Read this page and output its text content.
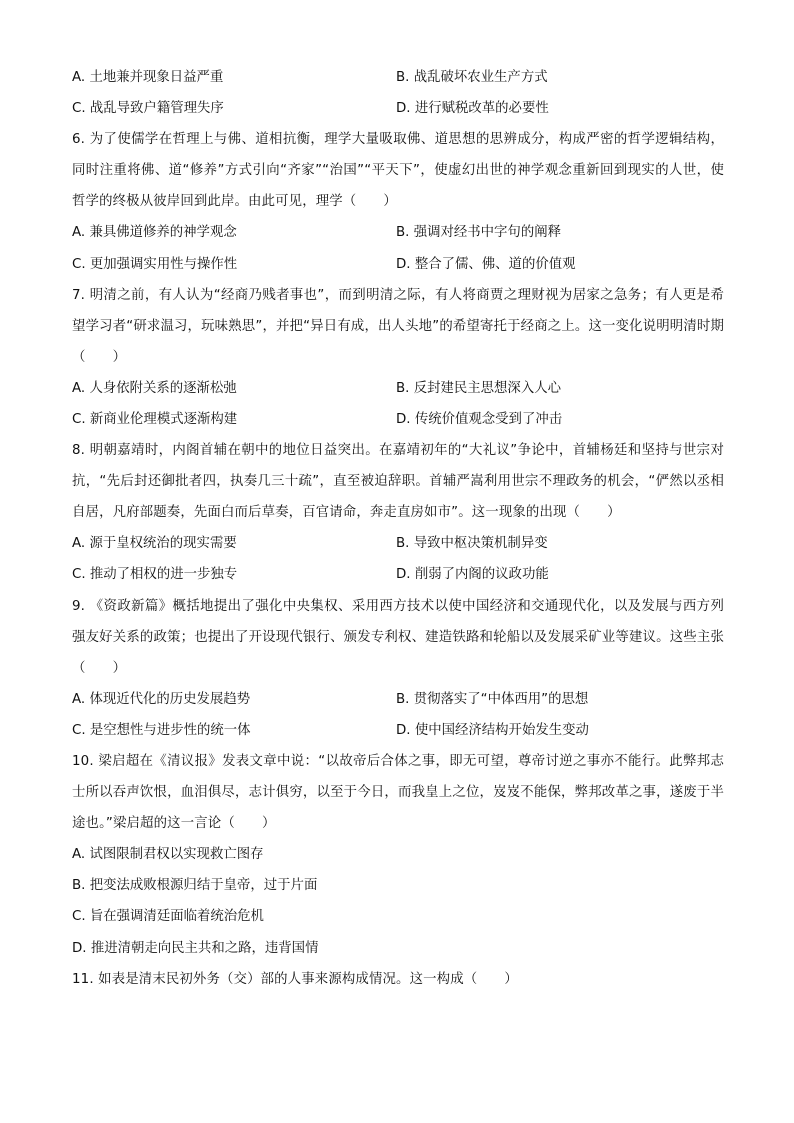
A. 土地兼并现象日益严重	B. 战乱破坏农业生产方式
C. 战乱导致户籍管理失序	D. 进行赋税改革的必要性
6. 为了使儒学在哲理上与佛、道相抗衡，理学大量吸取佛、道思想的思辨成分，构成严密的哲学逻辑结构，同时注重将佛、道“修养”方式引向“齐家”“治国”“平天下”，使虚幻出世的神学观念重新回到现实的人世，使哲学的终极从彼岸回到此岸。由此可见，理学（　　）
A. 兼具佛道修养的神学观念	B. 强调对经书中字句的阐释
C. 更加强调实用性与操作性	D. 整合了儒、佛、道的价值观
7. 明清之前，有人认为“经商乃贱者事也”，而到明清之际，有人将商贾之理财视为居家之急务；有人更是希望学习者“研求温习，玩味熟思”，并把“异日有成，出人头地”的希望寄托于经商之上。这一变化说明明清时期（　　）
A. 人身依附关系的逐渐松弛	B. 反封建民主思想深入人心
C. 新商业伦理模式逐渐构建	D. 传统价值观念受到了冲击
8. 明朝嘉靖时，内阁首辅在朝中的地位日益突出。在嘉靖初年的“大礼议”争论中，首辅杨廷和坚持与世宗对抗，“先后封还御批者四，执奏几三十疏”，直至被迫辞职。首辅严嵩利用世宗不理政务的机会，“俨然以丞相自居，凡府部题奏，先面白而后草奏，百官请命，奔走直房如市”。这一现象的出现（　　）
A. 源于皇权统治的现实需要	B. 导致中枢决策机制异变
C. 推动了相权的进一步独专	D. 削弱了内阁的议政功能
9. 《资政新篇》概括地提出了强化中央集权、采用西方技术以使中国经济和交通现代化，以及发展与西方列强友好关系的政策；也提出了开设现代银行、颁发专利权、建造铁路和轮船以及发展采矿业等建议。这些主张（　　）
A. 体现近代化的历史发展趋势	B. 贯彻落实了“中体西用”的思想
C. 是空想性与进步性的统一体	D. 使中国经济结构开始发生变动
10. 梁启超在《清议报》发表文章中说：“以故帝后合体之事，即无可望，尊帝讨逆之事亦不能行。此弊邦志士所以吞声饮恨，血泪俱尽，志计俱穷，以至于今日，而我皇上之位，岌岌不能保，弊邦改革之事，遂废于半途也。”梁启超的这一言论（　　）
A. 试图限制君权以实现救亡图存
B. 把变法成败根源归结于皇帝，过于片面
C. 旨在强调清廷面临着统治危机
D. 推进清朝走向民主共和之路，违背国情
11. 如表是清末民初外务（交）部的人事来源构成情况。这一构成（　　）
